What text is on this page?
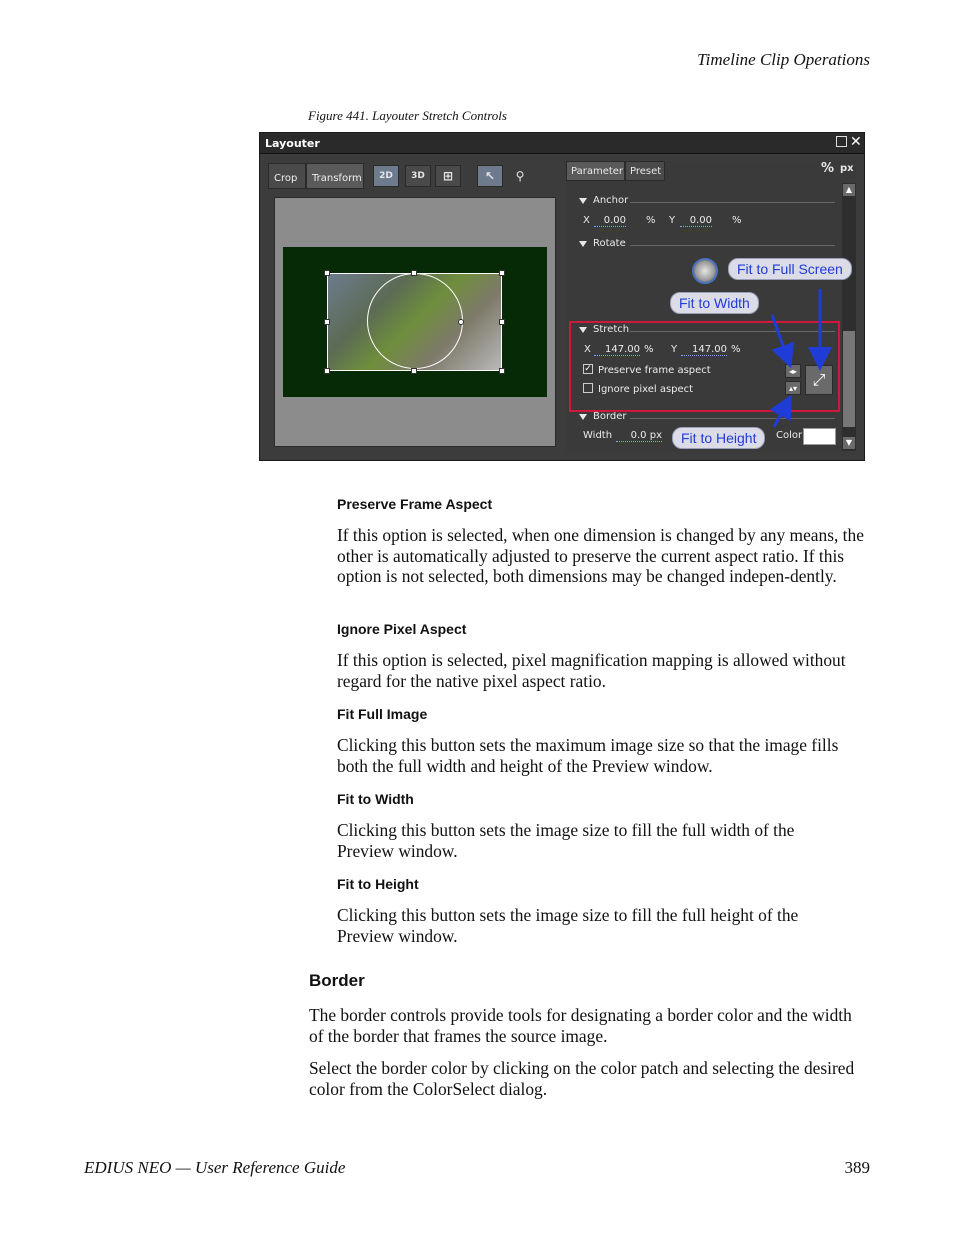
Timeline Clip Operations
Figure 441. Layouter Stretch Controls
Layouter	✕
Crop	Transform	2D	3D	⊞	↖	⚲	Parameter Preset	% px
Anchor
X	0.00 % Y	0.00 %
Rotate
Stretch
X	147.00 % Y	147.00 %
✓ Preserve frame aspect
Ignore pixel aspect
◂▸
▴▾ ⤢
Border
Width	0.0 px	Color
▲
▼
Fit to Full Screen
Fit to Width
Fit to Height
Preserve Frame Aspect
If this option is selected, when one dimension is changed by any means, the other is automatically adjusted to preserve the current aspect ratio. If this option is not selected, both dimensions may be changed indepen-dently.
Ignore Pixel Aspect
If this option is selected, pixel magnification mapping is allowed without regard for the native pixel aspect ratio.
Fit Full Image
Clicking this button sets the maximum image size so that the image fills both the full width and height of the Preview window.
Fit to Width
Clicking this button sets the image size to fill the full width of the Preview window.
Fit to Height
Clicking this button sets the image size to fill the full height of the Preview window.
Border
The border controls provide tools for designating a border color and the width of the border that frames the source image.
Select the border color by clicking on the color patch and selecting the desired color from the ColorSelect dialog.
EDIUS NEO — User Reference Guide	389
